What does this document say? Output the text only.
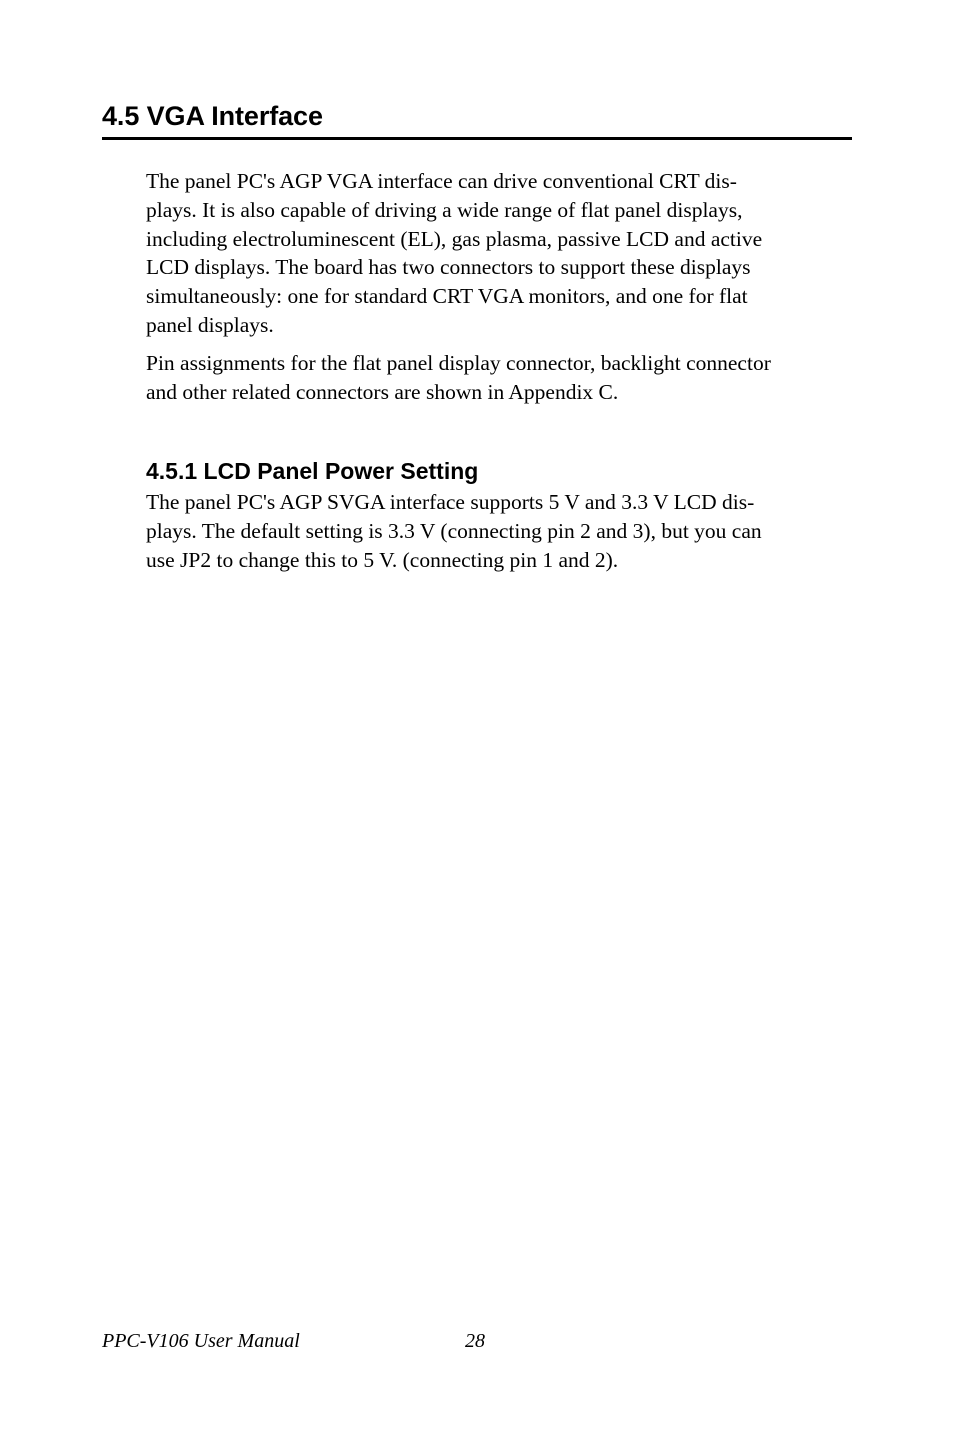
4.5 VGA Interface

The panel PC's AGP VGA interface can drive conventional CRT dis-
plays. It is also capable of driving a wide range of flat panel displays,
including electroluminescent (EL), gas plasma, passive LCD and active
LCD displays. The board has two connectors to support these displays
simultaneously: one for standard CRT VGA monitors, and one for flat
panel displays.

Pin assignments for the flat panel display connector, backlight connector
and other related connectors are shown in Appendix C.

4.5.1 LCD Panel Power Setting

The panel PC's AGP SVGA interface supports 5 V and 3.3 V LCD dis-
plays. The default setting is 3.3 V (connecting pin 2 and 3), but you can
use JP2 to change this to 5 V. (connecting pin 1 and 2).

PPC-V106 User Manual	28
